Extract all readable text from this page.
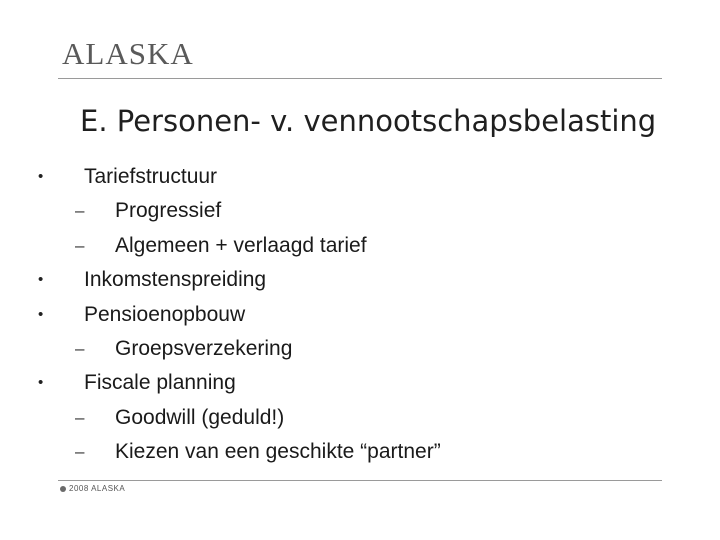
ALASKA
E. Personen- v. vennootschapsbelasting
• Tariefstructuur
– Progressief
– Algemeen + verlaagd tarief
• Inkomstenspreiding
• Pensioenopbouw
– Groepsverzekering
• Fiscale planning
– Goodwill (geduld!)
– Kiezen van een geschikte “partner”
2008 ALASKA
